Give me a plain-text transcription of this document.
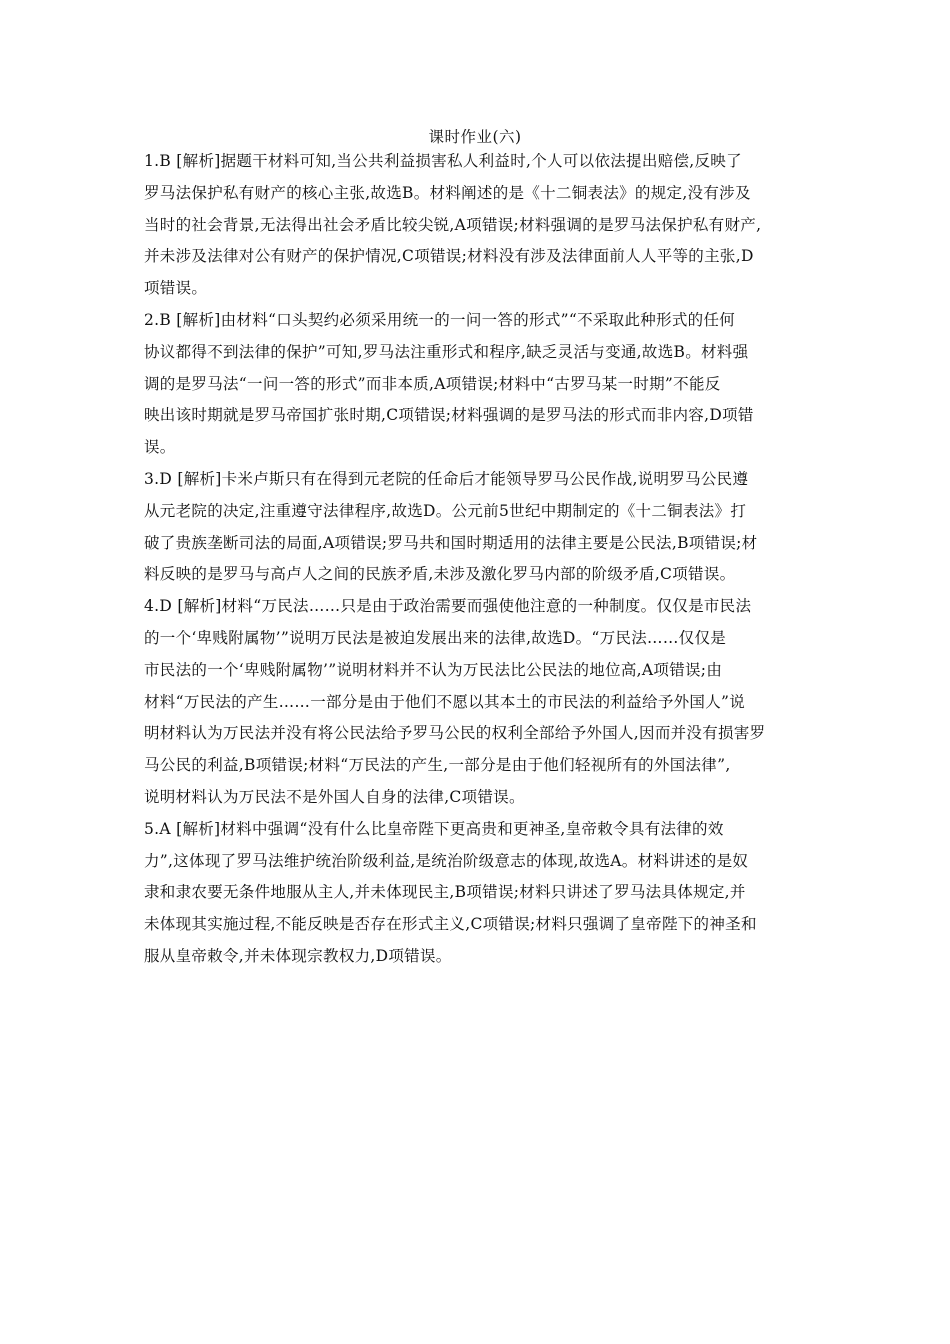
课时作业(六)
1.B [解析]据题干材料可知,当公共利益损害私人利益时,个人可以依法提出赔偿,反映了
罗马法保护私有财产的核心主张,故选B。材料阐述的是《十二铜表法》的规定,没有涉及
当时的社会背景,无法得出社会矛盾比较尖锐,A项错误;材料强调的是罗马法保护私有财产,
并未涉及法律对公有财产的保护情况,C项错误;材料没有涉及法律面前人人平等的主张,D
项错误。
2.B [解析]由材料“口头契约必须采用统一的一问一答的形式”“不采取此种形式的任何
协议都得不到法律的保护”可知,罗马法注重形式和程序,缺乏灵活与变通,故选B。材料强
调的是罗马法“一问一答的形式”而非本质,A项错误;材料中“古罗马某一时期”不能反
映出该时期就是罗马帝国扩张时期,C项错误;材料强调的是罗马法的形式而非内容,D项错
误。
3.D [解析]卡米卢斯只有在得到元老院的任命后才能领导罗马公民作战,说明罗马公民遵
从元老院的决定,注重遵守法律程序,故选D。公元前5世纪中期制定的《十二铜表法》打
破了贵族垄断司法的局面,A项错误;罗马共和国时期适用的法律主要是公民法,B项错误;材
料反映的是罗马与高卢人之间的民族矛盾,未涉及激化罗马内部的阶级矛盾,C项错误。
4.D [解析]材料“万民法……只是由于政治需要而强使他注意的一种制度。仅仅是市民法
的一个‘卑贱附属物’”说明万民法是被迫发展出来的法律,故选D。“万民法……仅仅是
市民法的一个‘卑贱附属物’”说明材料并不认为万民法比公民法的地位高,A项错误;由
材料“万民法的产生……一部分是由于他们不愿以其本土的市民法的利益给予外国人”说
明材料认为万民法并没有将公民法给予罗马公民的权利全部给予外国人,因而并没有损害罗
马公民的利益,B项错误;材料“万民法的产生,一部分是由于他们轻视所有的外国法律”,
说明材料认为万民法不是外国人自身的法律,C项错误。
5.A [解析]材料中强调“没有什么比皇帝陛下更高贵和更神圣,皇帝敕令具有法律的效
力”,这体现了罗马法维护统治阶级利益,是统治阶级意志的体现,故选A。材料讲述的是奴
隶和隶农要无条件地服从主人,并未体现民主,B项错误;材料只讲述了罗马法具体规定,并
未体现其实施过程,不能反映是否存在形式主义,C项错误;材料只强调了皇帝陛下的神圣和
服从皇帝敕令,并未体现宗教权力,D项错误。
